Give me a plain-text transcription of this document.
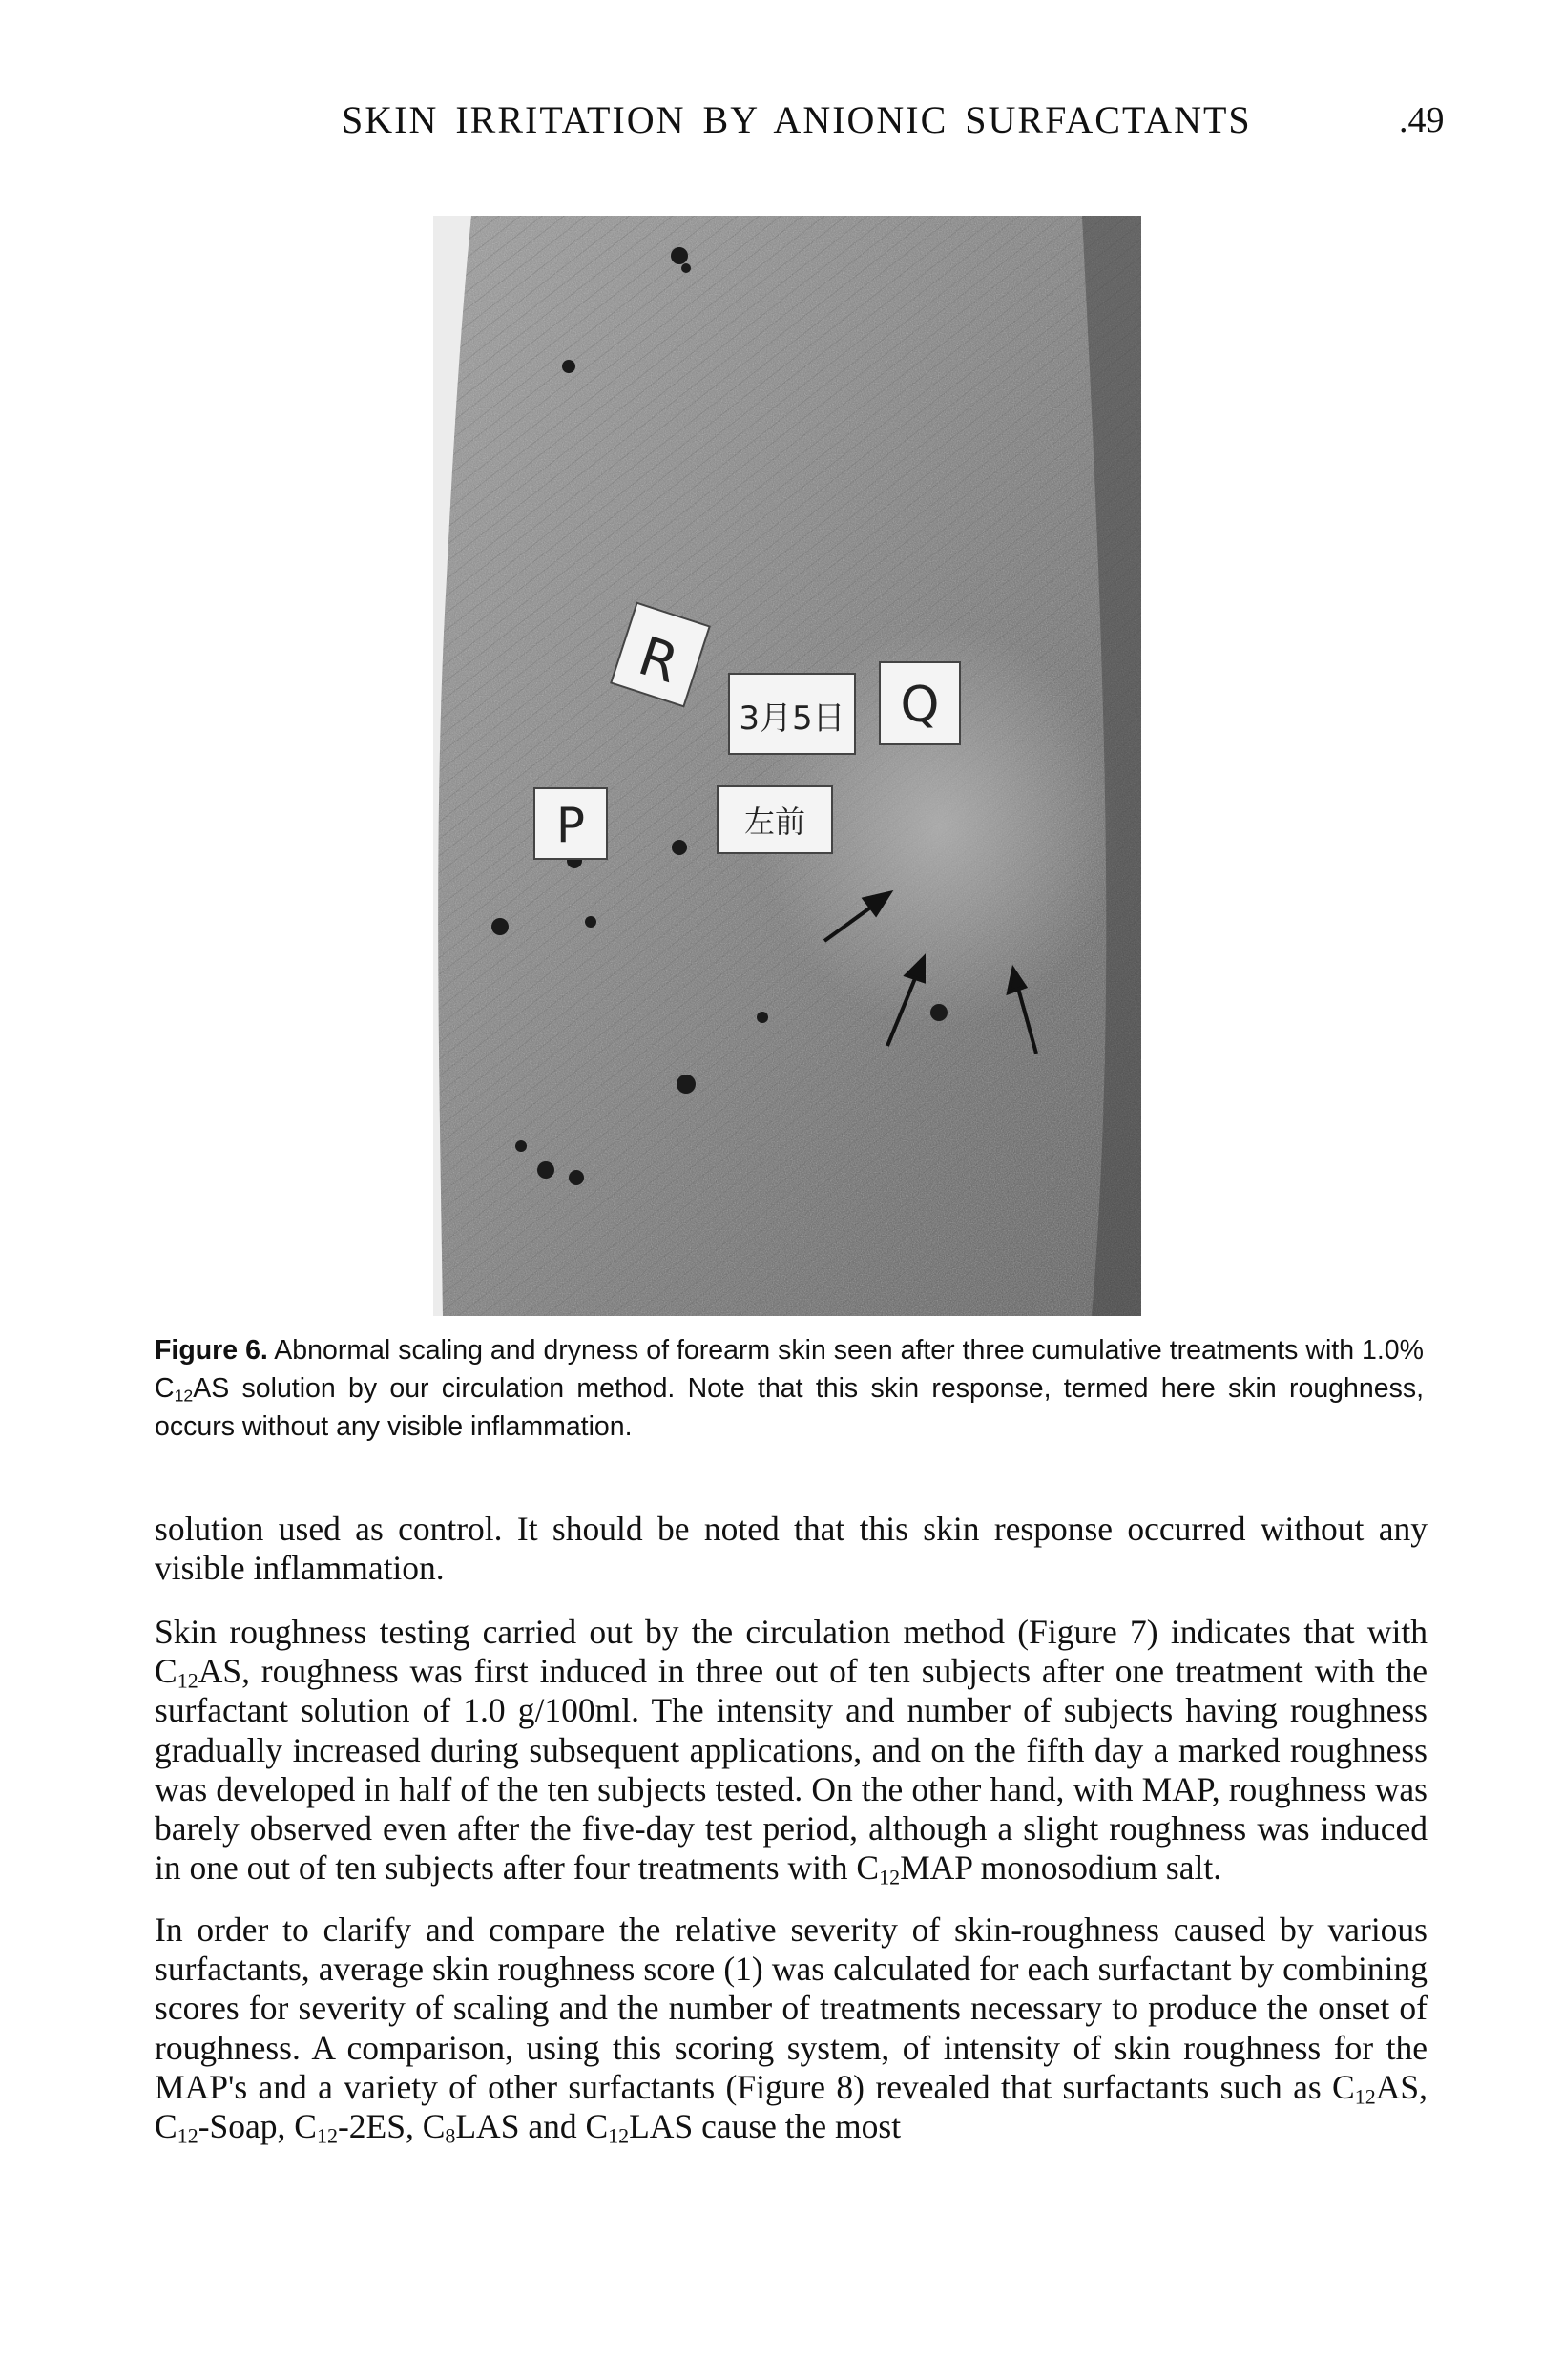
SKIN IRRITATION BY ANIONIC SURFACTANTS	.49
R
3月5日 Q
P	左前
Figure 6. Abnormal scaling and dryness of forearm skin seen after three cumulative treatments with 1.0% $C_{12}AS$ solution by our circulation method. Note that this skin response, termed here skin roughness, occurs without any visible inflammation.
solution used as control. It should be noted that this skin response occurred without any visible inflammation.
Skin roughness testing carried out by the circulation method (Figure 7) indicates that with $C_{12}AS$, roughness was first induced in three out of ten subjects after one treatment with the surfactant solution of 1.0 g/100ml. The intensity and number of subjects having roughness gradually increased during subsequent applications, and on the fifth day a marked roughness was developed in half of the ten subjects tested. On the other hand, with MAP, roughness was barely observed even after the five-day test period, although a slight roughness was induced in one out of ten subjects after four treatments with $C_{12}MAP$ monosodium salt.
In order to clarify and compare the relative severity of skin-roughness caused by various surfactants, average skin roughness score (1) was calculated for each surfactant by combining scores for severity of scaling and the number of treatments necessary to produce the onset of roughness. A comparison, using this scoring system, of intensity of skin roughness for the MAP's and a variety of other surfactants (Figure 8) revealed that surfactants such as $C_{12}AS$, $C_{12}$-Soap, $C_{12}-2ES$, $C_8LAS$ and $C_{12}LAS$ cause the most
